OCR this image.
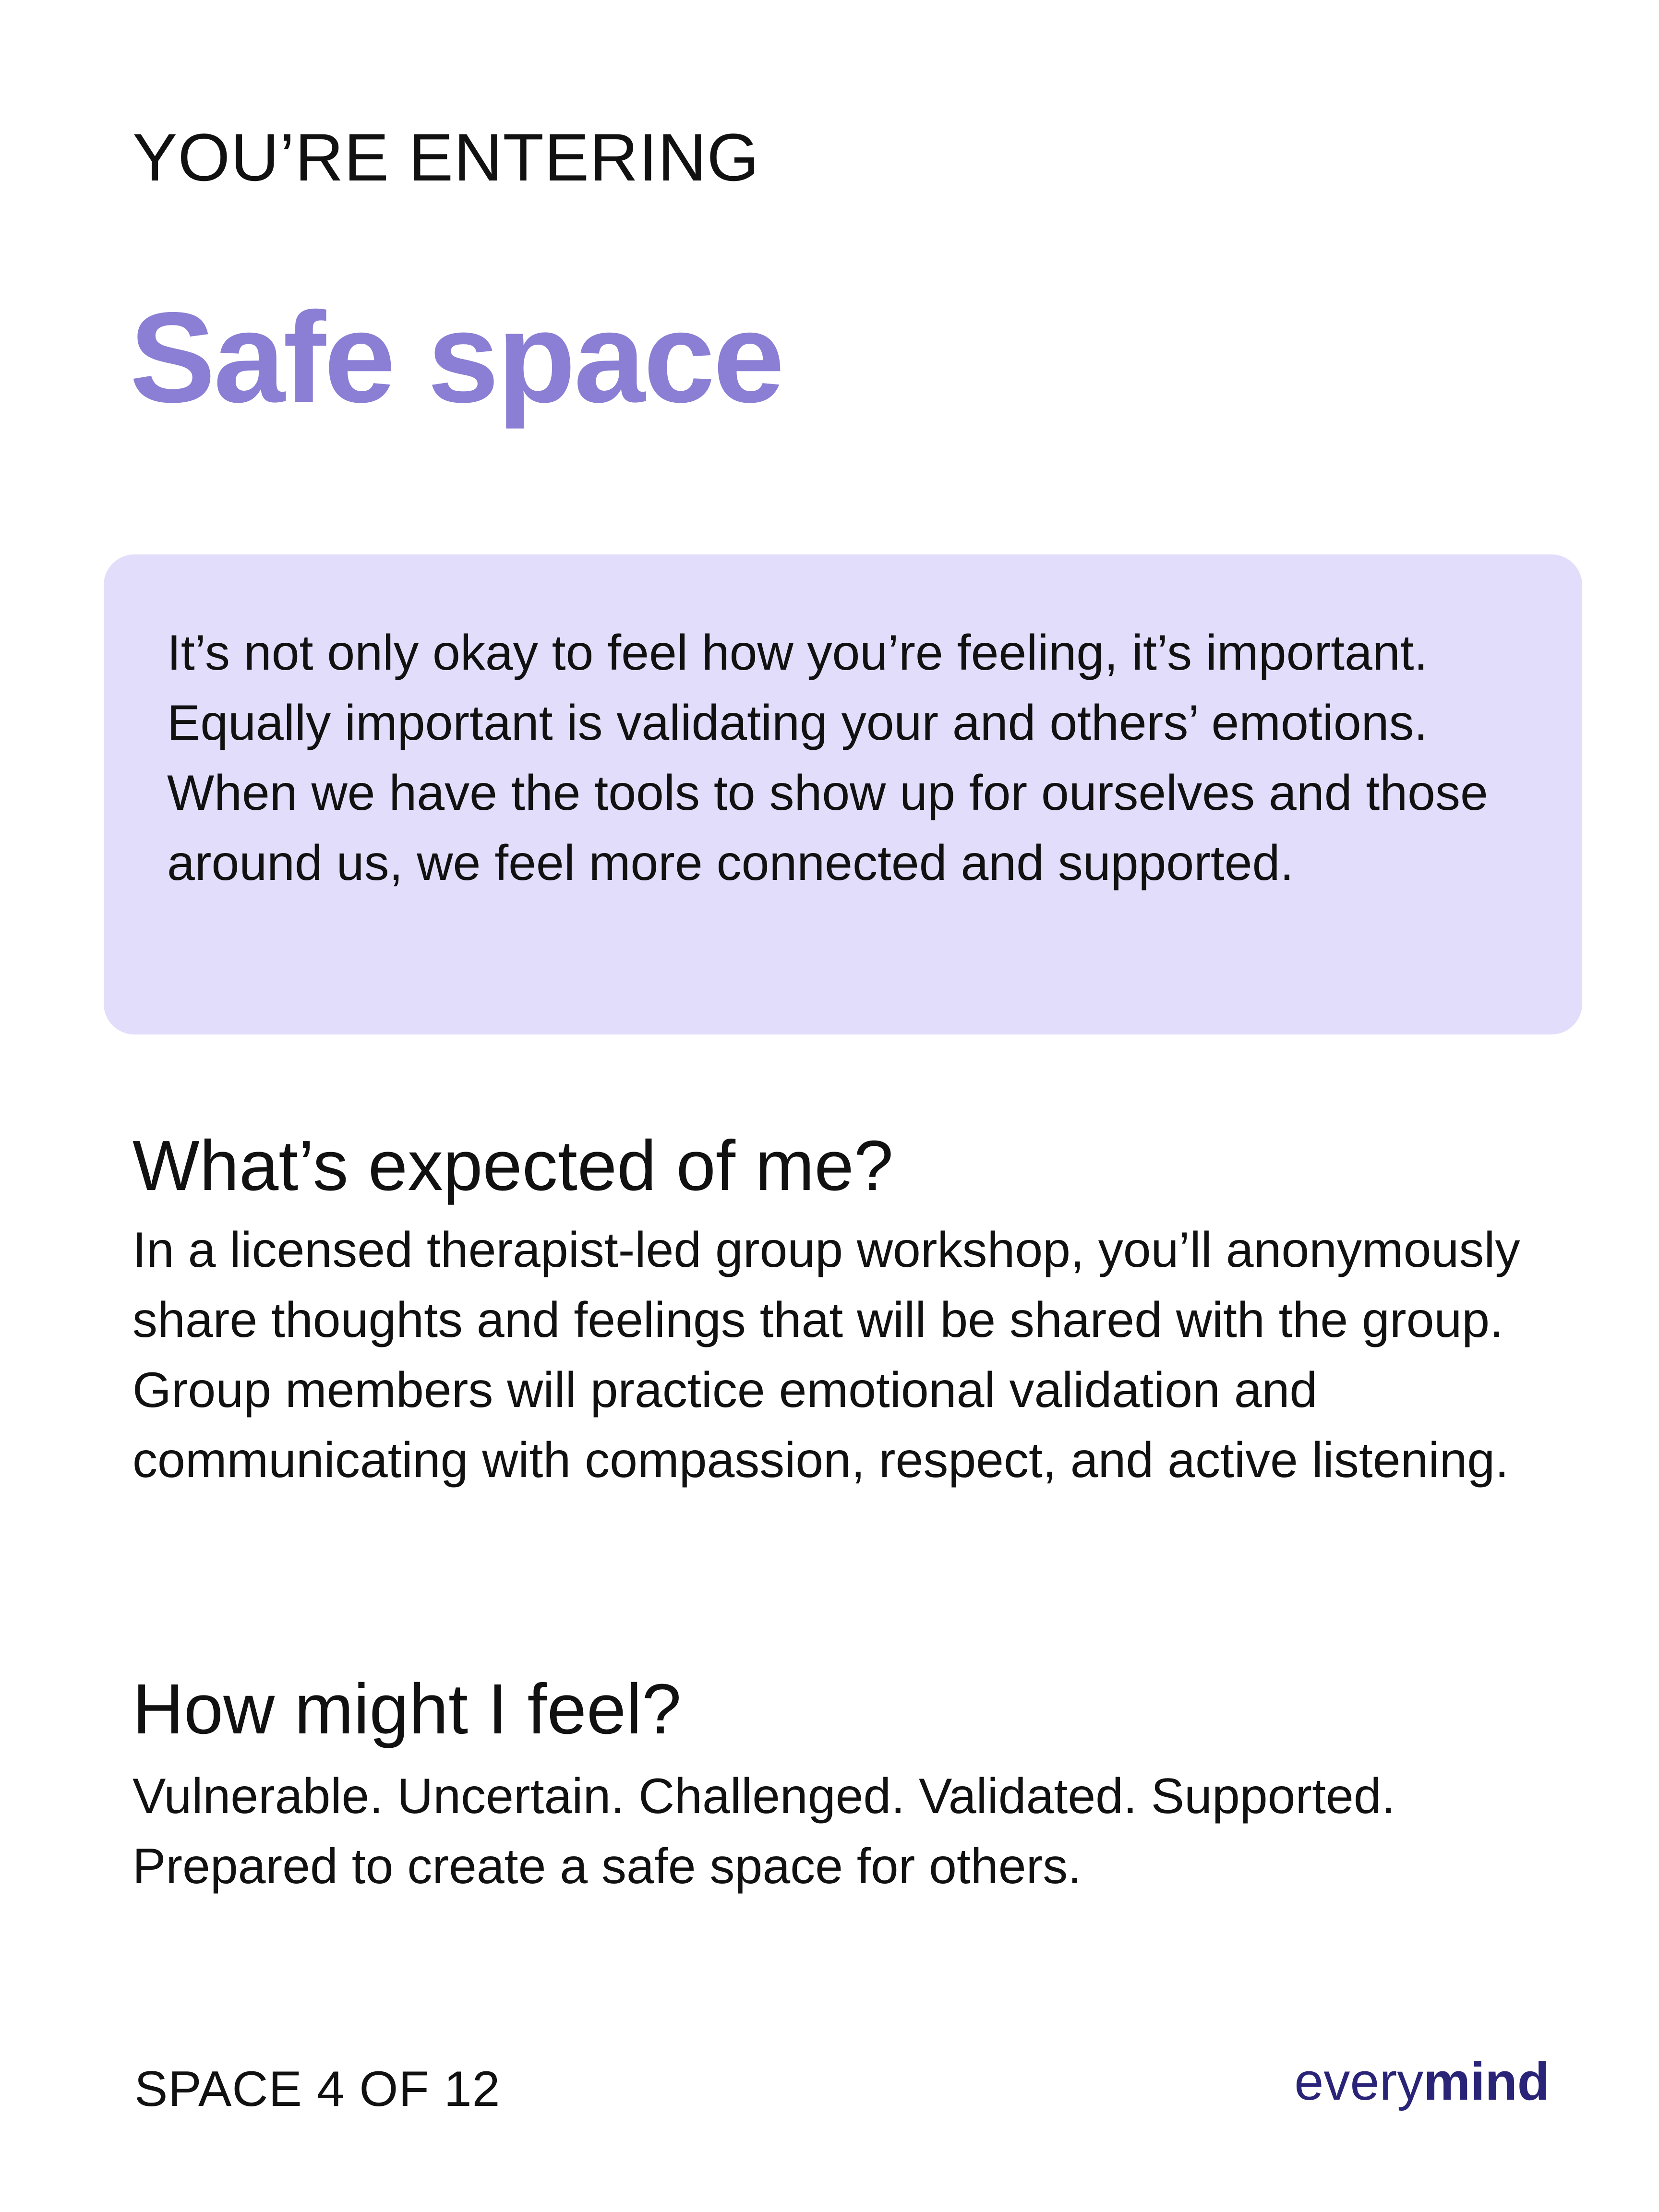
YOU’RE ENTERING
Safe space

It’s not only okay to feel how you’re feeling, it’s important. Equally important is validating your and others’ emotions. When we have the tools to show up for ourselves and those around us, we feel more connected and supported.

What’s expected of me?

In a licensed therapist-led group workshop, you’ll anonymously share thoughts and feelings that will be shared with the group. Group members will practice emotional validation and communicating with compassion, respect, and active listening.

How might I feel?

Vulnerable. Uncertain. Challenged. Validated. Supported. Prepared to create a safe space for others.

SPACE 4 OF 12	everymind
